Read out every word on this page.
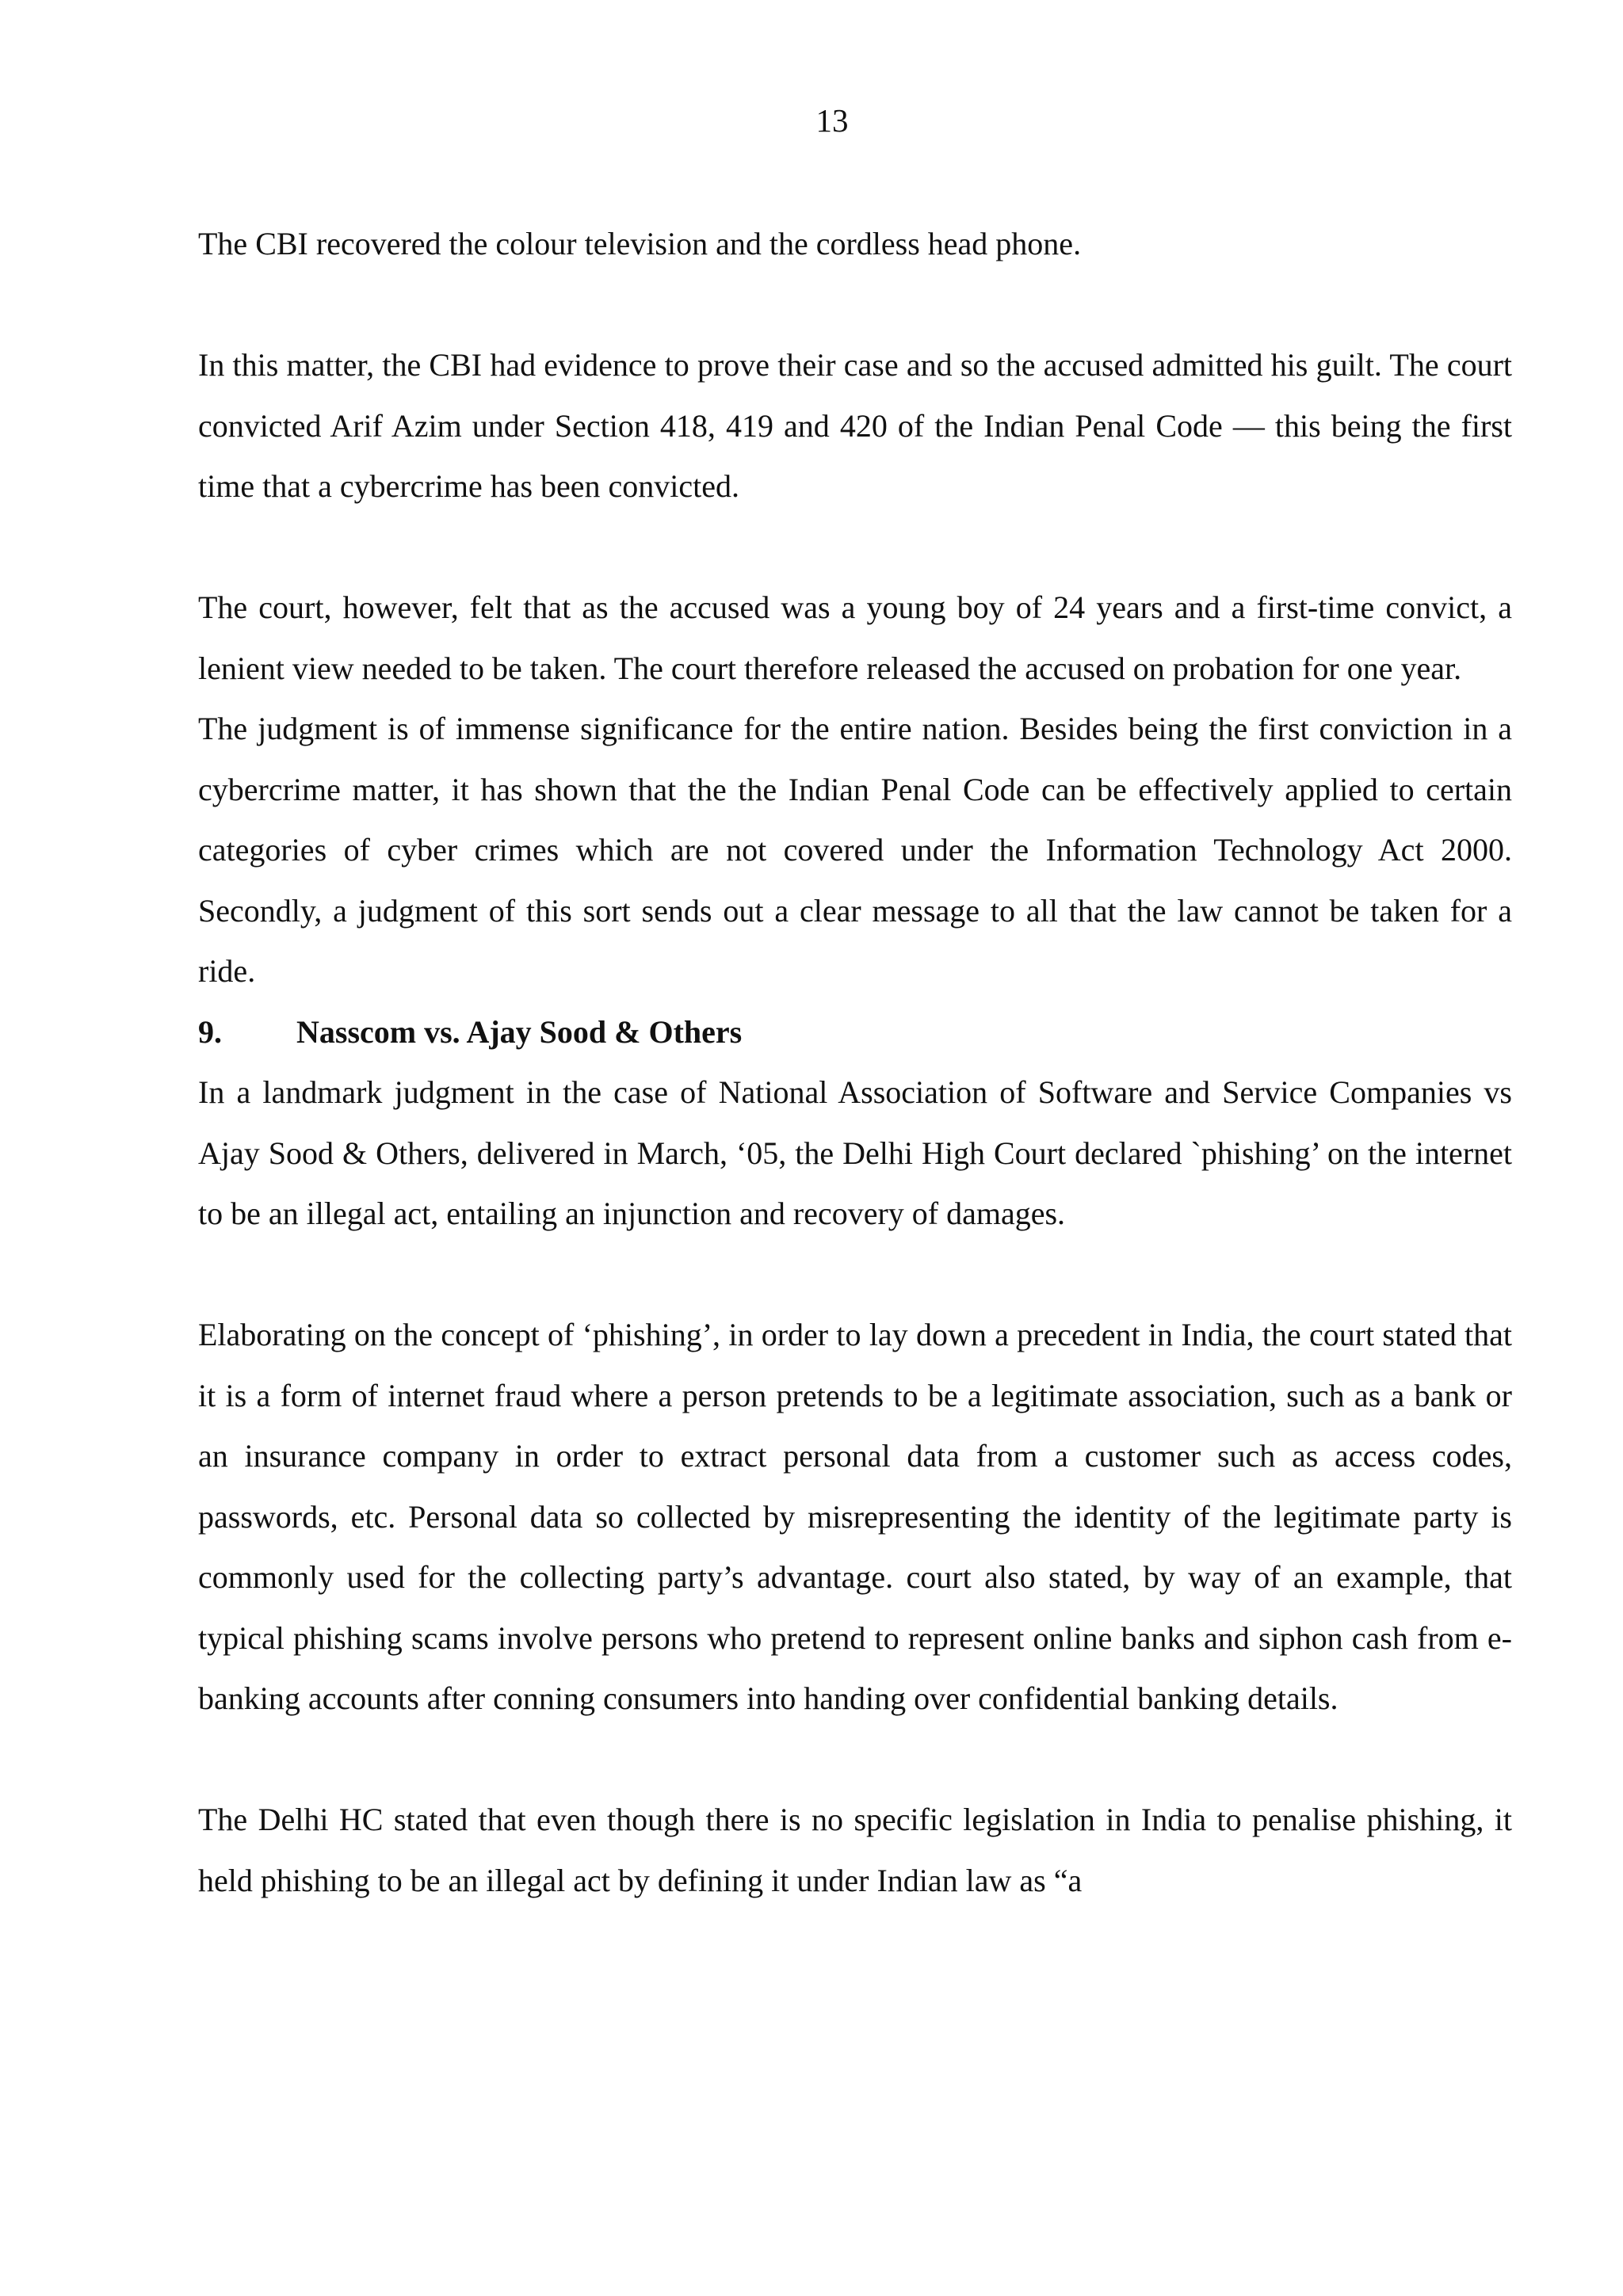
13

The CBI recovered the colour television and the cordless head phone.

In this matter, the CBI had evidence to prove their case and so the accused admitted his guilt. The court convicted Arif Azim under Section 418, 419 and 420 of the Indian Penal Code — this being the first time that a cybercrime has been convicted.

The court, however, felt that as the accused was a young boy of 24 years and a first-time convict, a lenient view needed to be taken. The court therefore released the accused on probation for one year.

The judgment is of immense significance for the entire nation. Besides being the first conviction in a cybercrime matter, it has shown that the the Indian Penal Code can be effectively applied to certain categories of cyber crimes which are not covered under the Information Technology Act 2000. Secondly, a judgment of this sort sends out a clear message to all that the law cannot be taken for a ride.

9. Nasscom vs. Ajay Sood & Others

In a landmark judgment in the case of National Association of Software and Service Companies vs Ajay Sood & Others, delivered in March, ‘05, the Delhi High Court declared `phishing’ on the internet to be an illegal act, entailing an injunction and recovery of damages.

Elaborating on the concept of ‘phishing’, in order to lay down a precedent in India, the court stated that it is a form of internet fraud where a person pretends to be a legitimate association, such as a bank or an insurance company in order to extract personal data from a customer such as access codes, passwords, etc. Personal data so collected by misrepresenting the identity of the legitimate party is commonly used for the collecting party’s advantage. court also stated, by way of an example, that typical phishing scams involve persons who pretend to represent online banks and siphon cash from e-banking accounts after conning consumers into handing over confidential banking details.

The Delhi HC stated that even though there is no specific legislation in India to penalise phishing, it held phishing to be an illegal act by defining it under Indian law as “a
